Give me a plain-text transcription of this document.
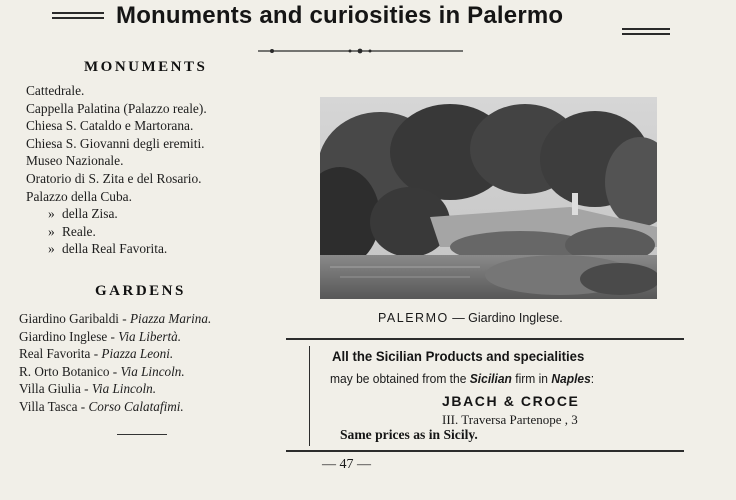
Monuments and curiosities in Palermo
MONUMENTS
Cattedrale.
Cappella Palatina (Palazzo reale).
Chiesa S. Cataldo e Martorana.
Chiesa S. Giovanni degli eremiti.
Museo Nazionale.
Oratorio di S. Zita e del Rosario.
Palazzo della Cuba.
» della Zisa.
» Reale.
» della Real Favorita.
GARDENS
Giardino Garibaldi - Piazza Marina.
Giardino Inglese - Via Libertà.
Real Favorita - Piazza Leoni.
R. Orto Botanico - Via Lincoln.
Villa Giulia - Via Lincoln.
Villa Tasca - Corso Calatafimi.
PALERMO — Giardino Inglese.
All the Sicilian Products and specialities
may be obtained from the Sicilian firm in Naples:
JBACH & CROCE
III. Traversa Partenope , 3
Same prices as in Sicily.
— 47 —
